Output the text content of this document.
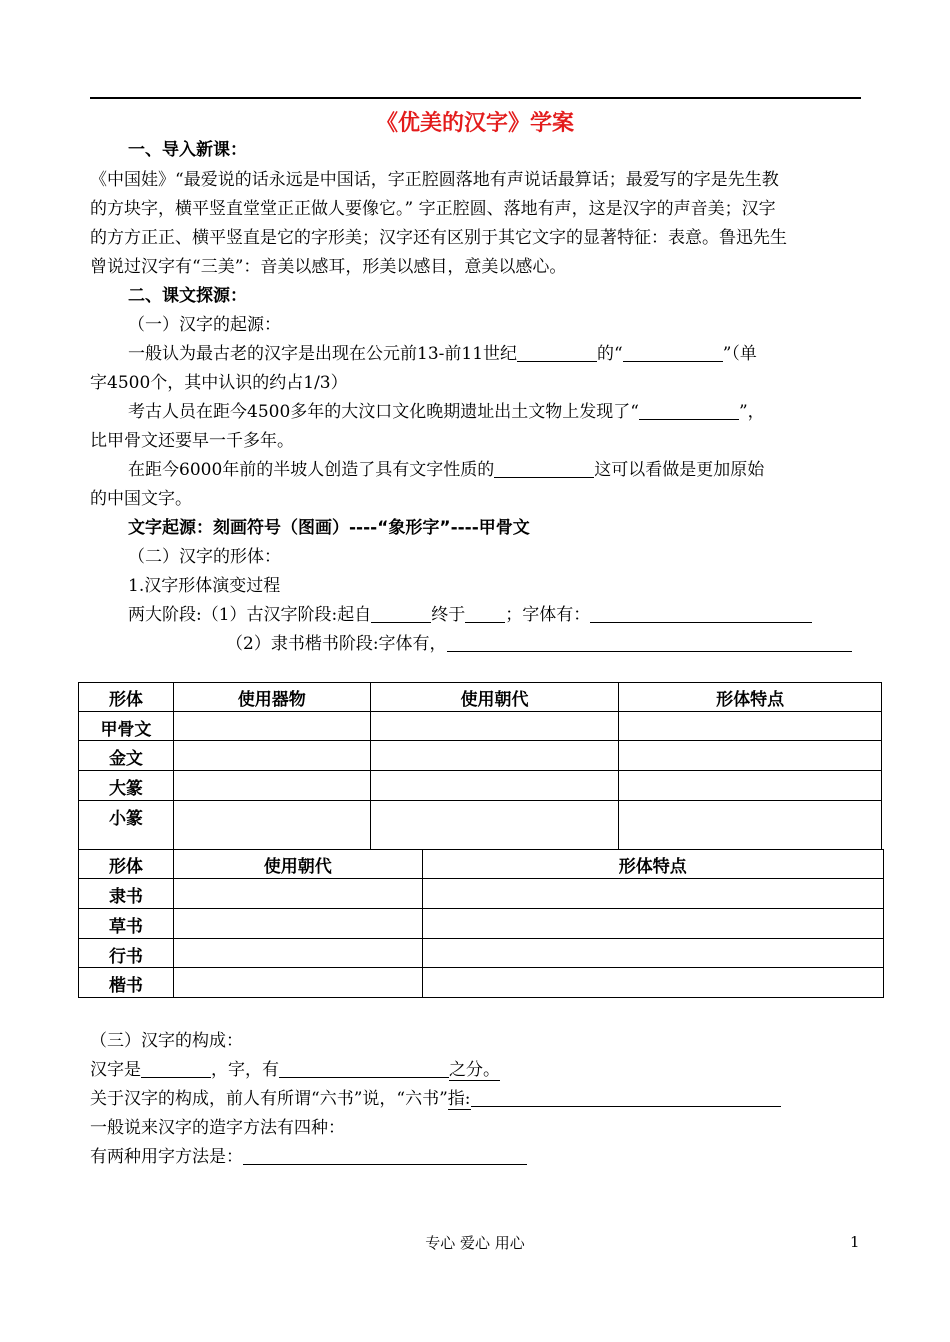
《优美的汉字》学案
一、导入新课：
《中国娃》“最爱说的话永远是中国话，字正腔圆落地有声说话最算话；最爱写的字是先生教
的方块字，横平竖直堂堂正正做人要像它。” 字正腔圆、落地有声，这是汉字的声音美；汉字
的方方正正、横平竖直是它的字形美；汉字还有区别于其它文字的显著特征：表意。鲁迅先生
曾说过汉字有“三美”：音美以感耳，形美以感目，意美以感心。
二、课文探源：
（一）汉字的起源：
一般认为最古老的汉字是出现在公元前13-前11世纪	的“	”（单
字4500个，其中认识的约占1/3）
考古人员在距今4500多年的大汶口文化晚期遗址出土文物上发现了“	”，
比甲骨文还要早一千多年。
在距今6000年前的半坡人创造了具有文字性质的	这可以看做是更加原始
的中国文字。
文字起源：刻画符号（图画）----“象形字”----甲骨文
（二）汉字的形体：
1.汉字形体演变过程
两大阶段:（1）古汉字阶段:起自	终于 ；字体有：
（2）隶书楷书阶段:字体有，
形体	使用器物	使用朝代	形体特点
甲骨文			
金文			
大篆			
小篆			
形体	使用朝代	形体特点
隶书		
草书		
行书		
楷书		
（三）汉字的构成：
汉字是	，字，有	之分。
关于汉字的构成，前人有所谓“六书”说，“六书”指:
一般说来汉字的造字方法有四种：
有两种用字方法是：
专心 爱心 用心	1
